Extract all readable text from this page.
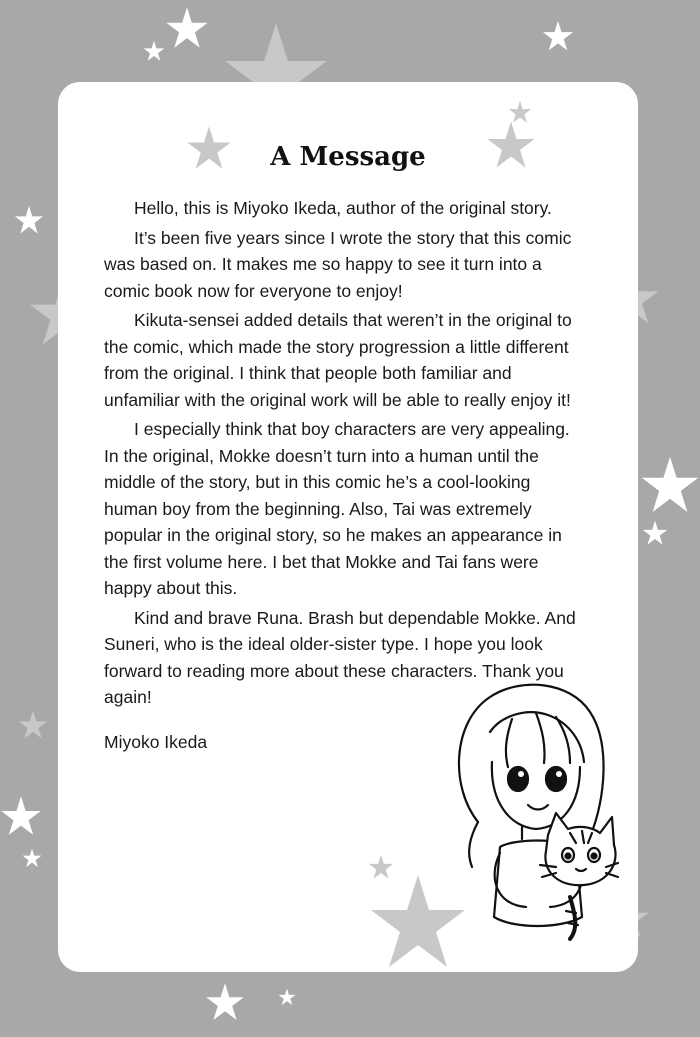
A Message

Hello, this is Miyoko Ikeda, author of the original story.

It’s been five years since I wrote the story that this comic was based on. It makes me so happy to see it turn into a comic book now for everyone to enjoy!

Kikuta-sensei added details that weren’t in the original to the comic, which made the story progression a little different from the original. I think that people both familiar and unfamiliar with the original work will be able to really enjoy it!

I especially think that boy characters are very appealing. In the original, Mokke doesn’t turn into a human until the middle of the story, but in this comic he’s a cool-looking human boy from the beginning. Also, Tai was extremely popular in the original story, so he makes an appearance in the first volume here. I bet that Mokke and Tai fans were happy about this.

Kind and brave Runa. Brash but dependable Mokke. And Suneri, who is the ideal older-sister type. I hope you look forward to reading more about these characters. Thank you again!

Miyoko Ikeda
